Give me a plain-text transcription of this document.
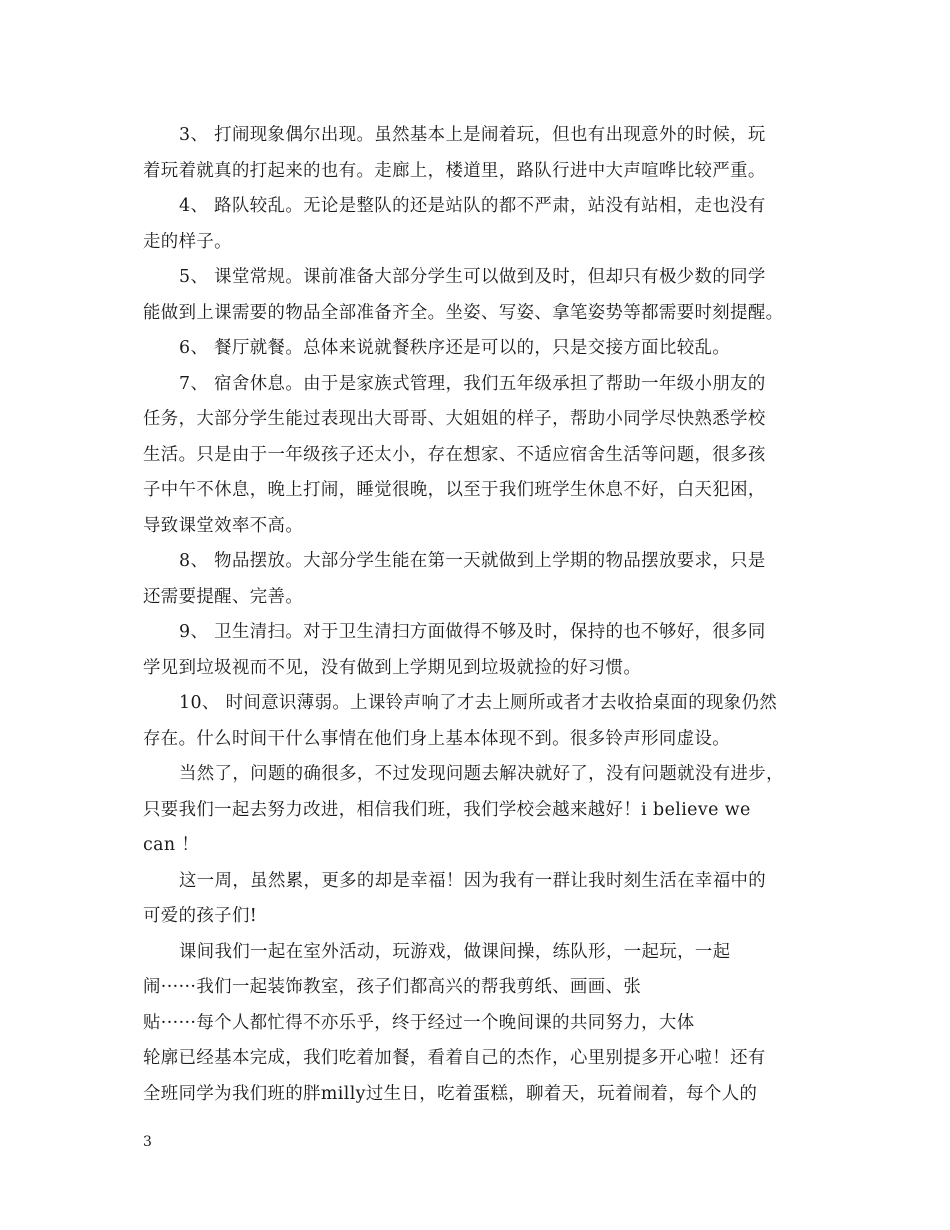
3、 打闹现象偶尔出现。虽然基本上是闹着玩，但也有出现意外的时候，玩
着玩着就真的打起来的也有。走廊上，楼道里，路队行进中大声喧哗比较严重。
4、 路队较乱。无论是整队的还是站队的都不严肃，站没有站相，走也没有
走的样子。
5、 课堂常规。课前准备大部分学生可以做到及时，但却只有极少数的同学
能做到上课需要的物品全部准备齐全。坐姿、写姿、拿笔姿势等都需要时刻提醒。
6、 餐厅就餐。总体来说就餐秩序还是可以的，只是交接方面比较乱。
7、 宿舍休息。由于是家族式管理，我们五年级承担了帮助一年级小朋友的
任务，大部分学生能过表现出大哥哥、大姐姐的样子，帮助小同学尽快熟悉学校
生活。只是由于一年级孩子还太小，存在想家、不适应宿舍生活等问题，很多孩
子中午不休息，晚上打闹，睡觉很晚，以至于我们班学生休息不好，白天犯困，
导致课堂效率不高。
8、 物品摆放。大部分学生能在第一天就做到上学期的物品摆放要求，只是
还需要提醒、完善。
9、 卫生清扫。对于卫生清扫方面做得不够及时，保持的也不够好，很多同
学见到垃圾视而不见，没有做到上学期见到垃圾就捡的好习惯。
10、 时间意识薄弱。上课铃声响了才去上厕所或者才去收拾桌面的现象仍然
存在。什么时间干什么事情在他们身上基本体现不到。很多铃声形同虚设。
当然了，问题的确很多，不过发现问题去解决就好了，没有问题就没有进步，
只要我们一起去努力改进，相信我们班，我们学校会越来越好！i believe we
can ！
这一周，虽然累，更多的却是幸福！因为我有一群让我时刻生活在幸福中的
可爱的孩子们!
课间我们一起在室外活动，玩游戏，做课间操，练队形，一起玩，一起
闹······我们一起装饰教室，孩子们都高兴的帮我剪纸、画画、张
贴······每个人都忙得不亦乐乎，终于经过一个晚间课的共同努力，大体
轮廓已经基本完成，我们吃着加餐，看着自己的杰作，心里别提多开心啦！还有
全班同学为我们班的胖milly过生日，吃着蛋糕，聊着天，玩着闹着，每个人的
3
